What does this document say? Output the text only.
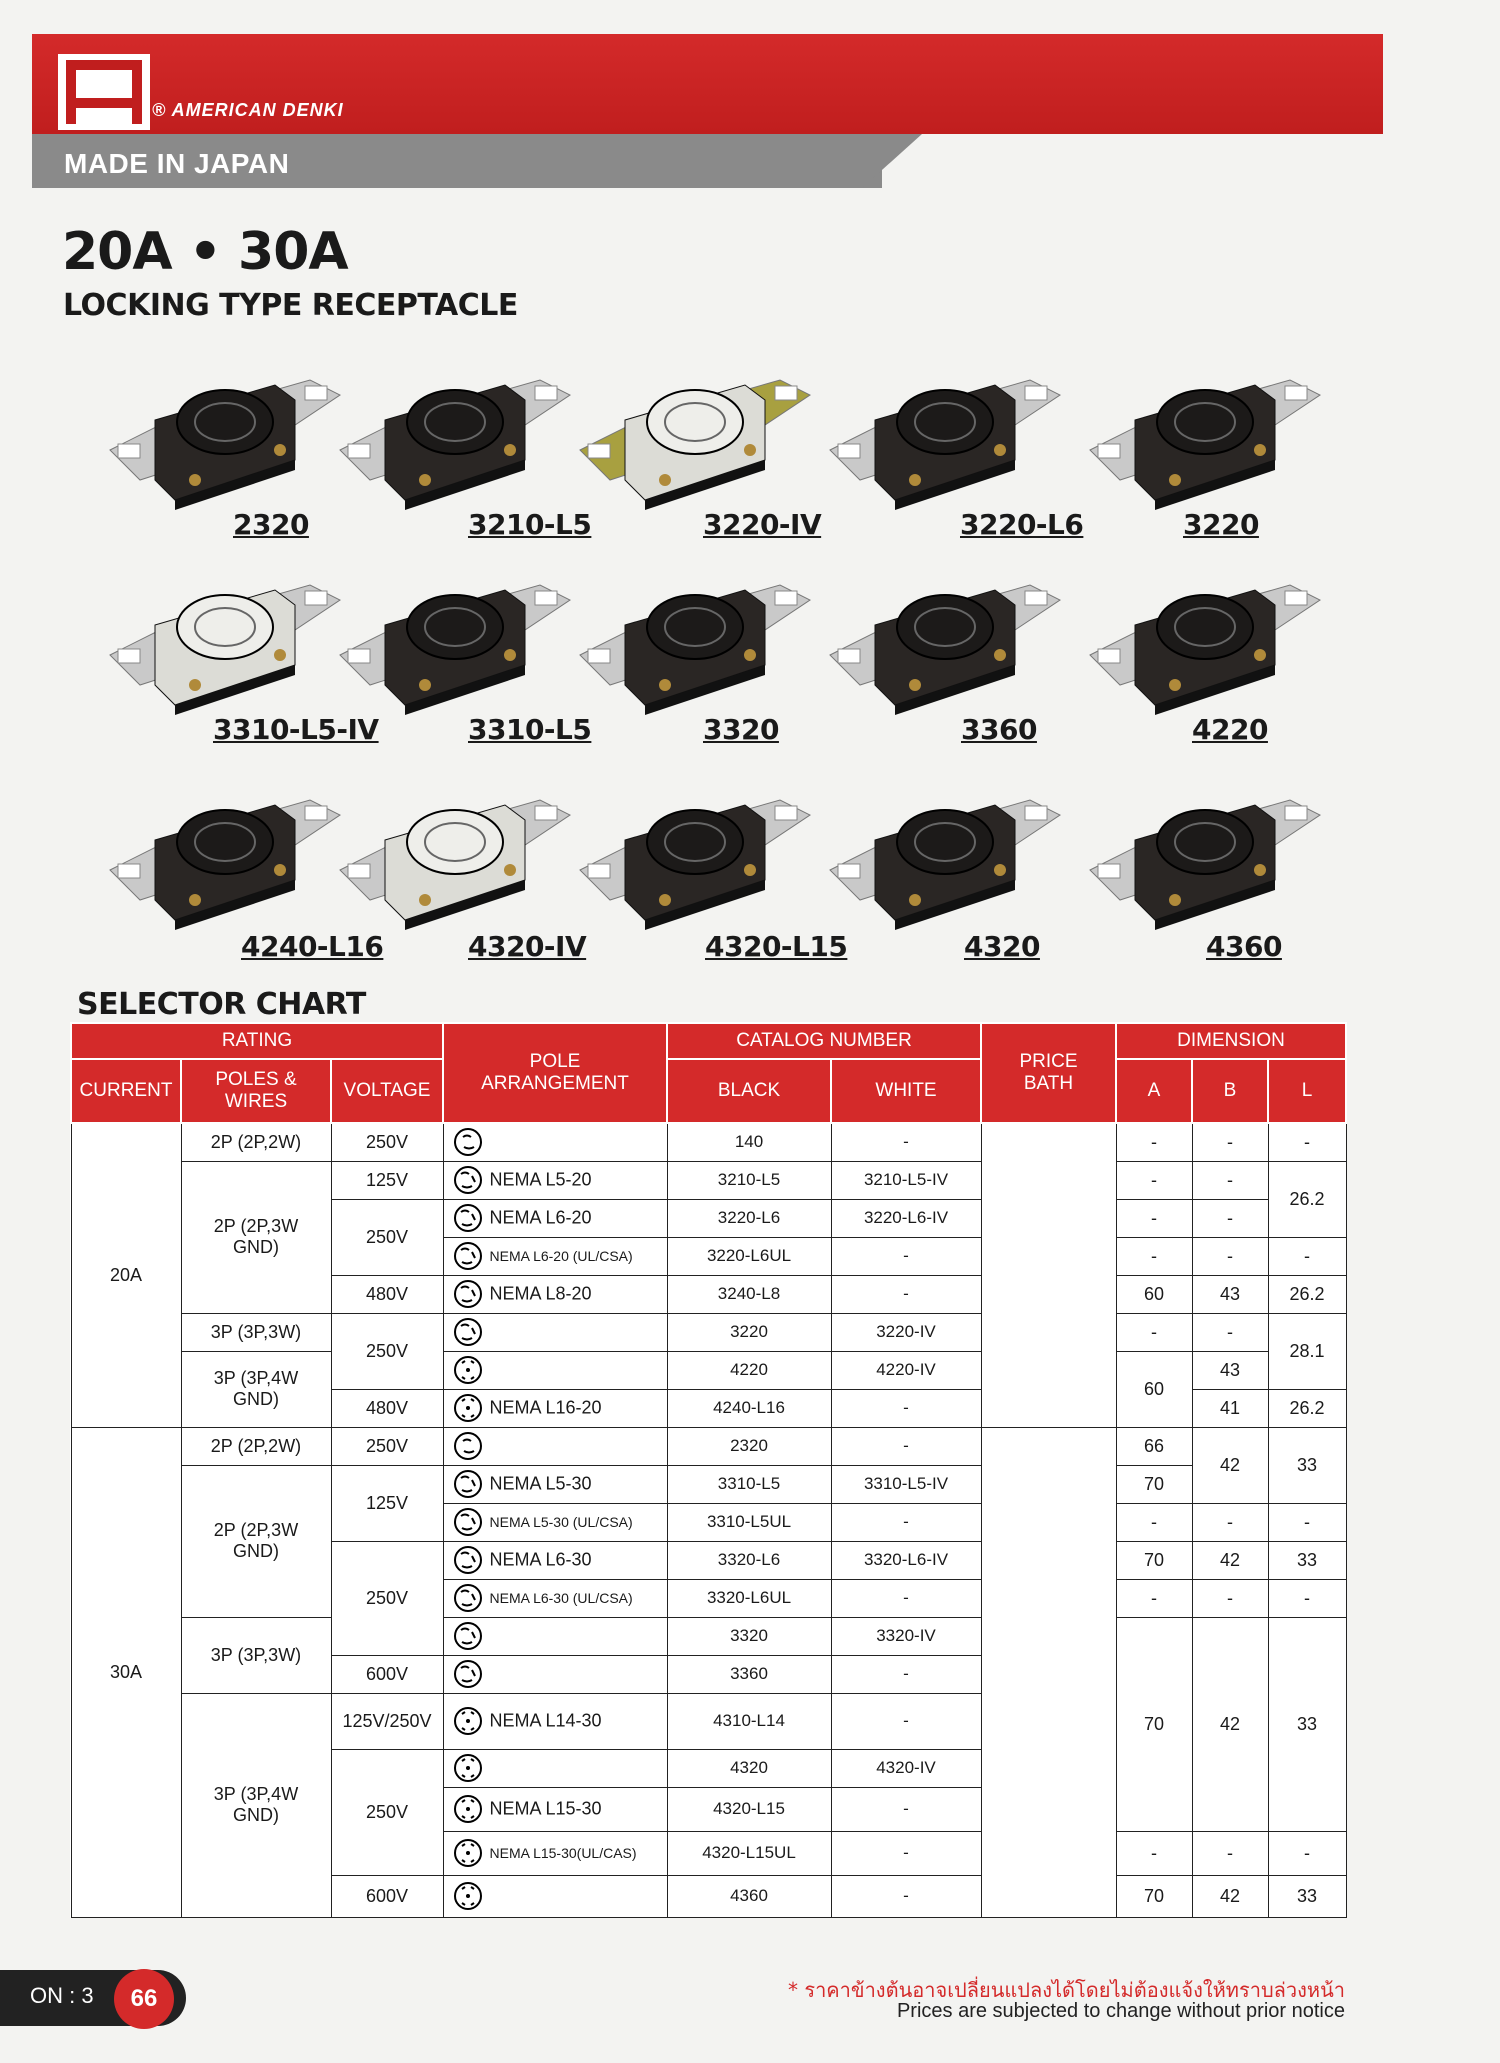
® AMERICAN DENKI
MADE IN JAPAN
20A • 30A
LOCKING TYPE RECEPTACLE
2320	3210-L5	3220-IV	3220-L6	3220
3310-L5-IV	3310-L5	3320	3360	4220
4240-L16	4320-IV	4320-L15	4320	4360
SELECTOR CHART
RATING			POLE ARRANGEMENT	CATALOG NUMBER		PRICE BATH	DIMENSION			
CURRENT	POLES & WIRES	VOLTAGE		BLACK	WHITE		A	B	L	
20A	2P (2P,2W)	250V		140	-		-	-	-	
	2P (2P,3W GND)	125V	NEMA L5-20	3210-L5	3210-L5-IV		-	-	26.2	
		250V	NEMA L6-20	3220-L6	3220-L6-IV		-	-		
			NEMA L6-20 (UL/CSA)	3220-L6UL	-		-	-	-	
		480V	NEMA L8-20	3240-L8	-		60	43	26.2	
	3P (3P,3W)	250V		3220	3220-IV		-	-	28.1	
	3P (3P,4W GND)			4220	4220-IV		60	43		
		480V	NEMA L16-20	4240-L16	-			41	26.2	
30A	2P (2P,2W)	250V		2320	-		66	42	33	
	2P (2P,3W GND)	125V	NEMA L5-30	3310-L5	3310-L5-IV		70			
			NEMA L5-30 (UL/CSA)	3310-L5UL	-		-	-	-	
		250V	NEMA L6-30	3320-L6	3320-L6-IV		70	42	33	
			NEMA L6-30 (UL/CSA)	3320-L6UL	-		-	-	-	
	3P (3P,3W)			3320	3320-IV		70	42	33	
		600V		3360	-					
	3P (3P,4W GND)	125V/250V	NEMA L14-30	4310-L14	-					
		250V		4320	4320-IV					
			NEMA L15-30	4320-L15	-					
			NEMA L15-30(UL/CAS)	4320-L15UL	-		-	-	-	
		600V		4360	-		70	42	33	
ON : 3	66	* ราคาข้างต้นอาจเปลี่ยนแปลงได้โดยไม่ต้องแจ้งให้ทราบล่วงหน้า
Prices are subjected to change without prior notice
